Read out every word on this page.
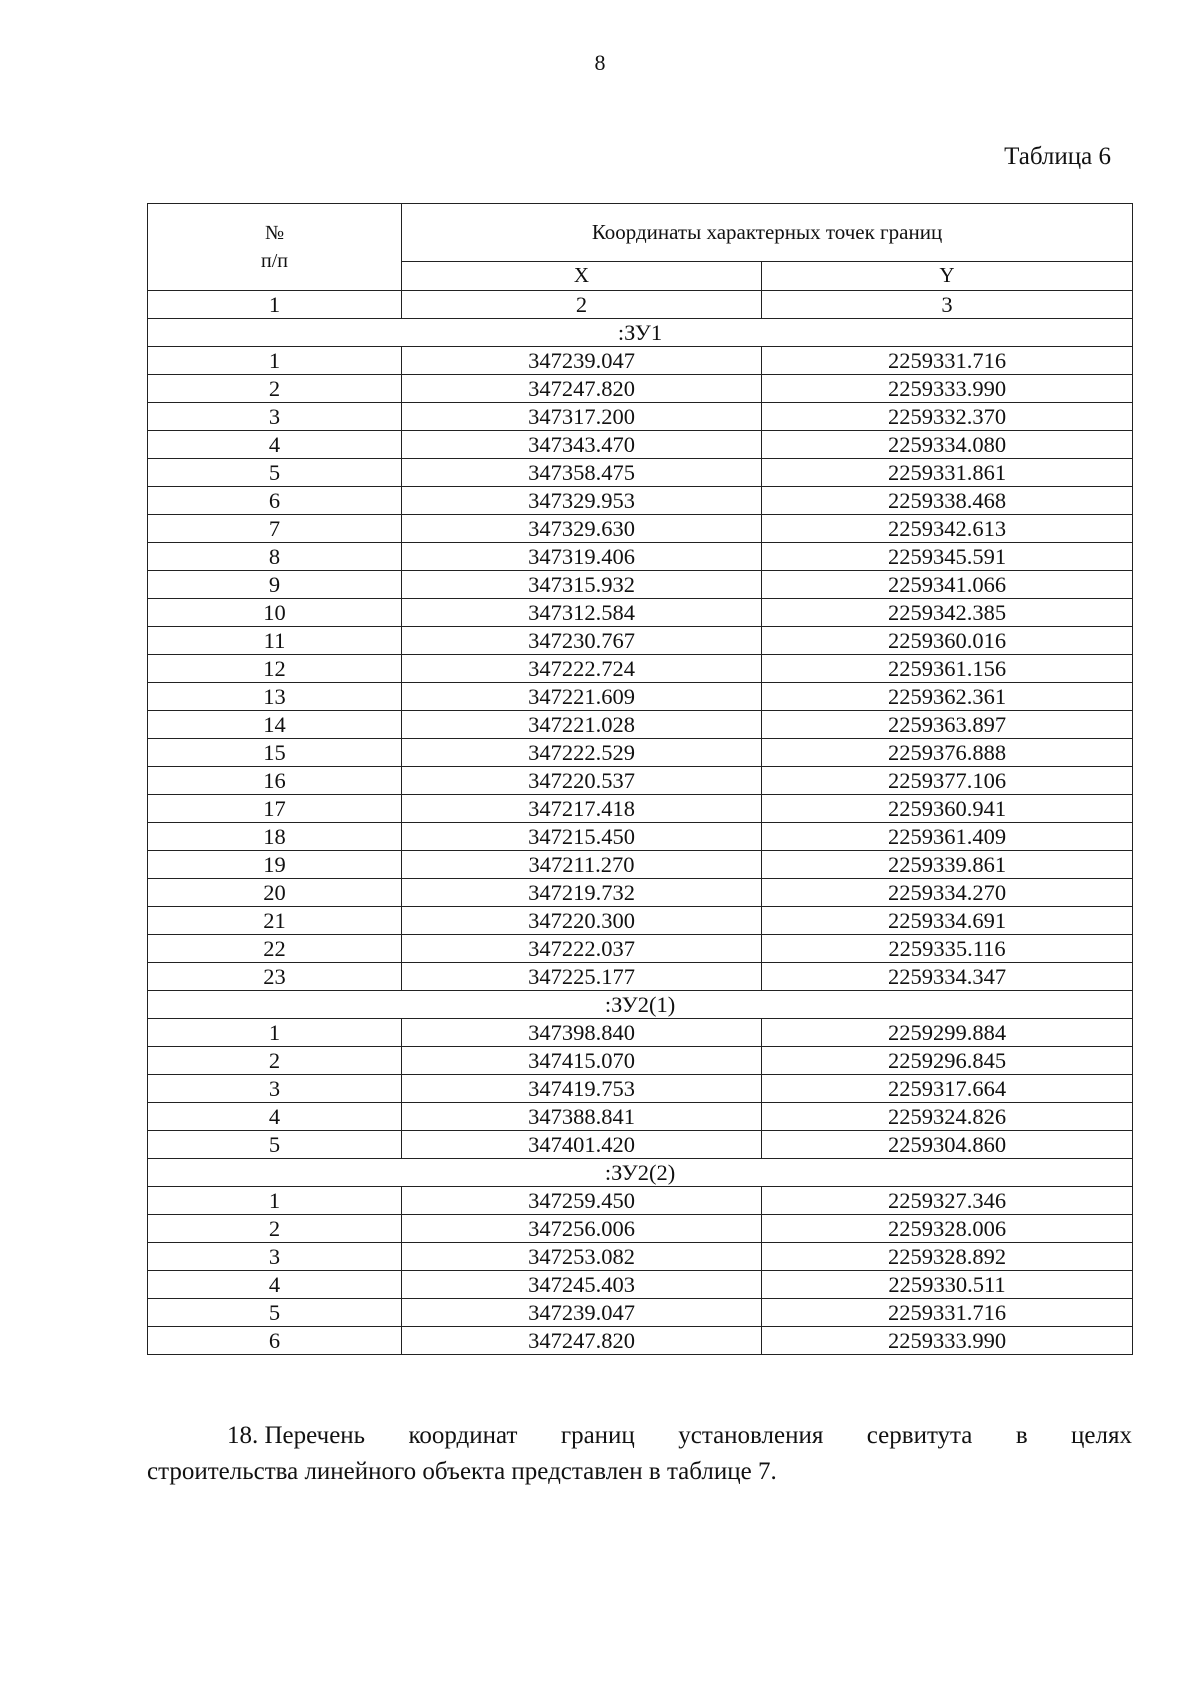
8
Таблица 6
№
п/п	Координаты характерных точек границ	
	X	Y
1	2	3
:ЗУ1		
1	347239.047	2259331.716
2	347247.820	2259333.990
3	347317.200	2259332.370
4	347343.470	2259334.080
5	347358.475	2259331.861
6	347329.953	2259338.468
7	347329.630	2259342.613
8	347319.406	2259345.591
9	347315.932	2259341.066
10	347312.584	2259342.385
11	347230.767	2259360.016
12	347222.724	2259361.156
13	347221.609	2259362.361
14	347221.028	2259363.897
15	347222.529	2259376.888
16	347220.537	2259377.106
17	347217.418	2259360.941
18	347215.450	2259361.409
19	347211.270	2259339.861
20	347219.732	2259334.270
21	347220.300	2259334.691
22	347222.037	2259335.116
23	347225.177	2259334.347
:ЗУ2(1)		
1	347398.840	2259299.884
2	347415.070	2259296.845
3	347419.753	2259317.664
4	347388.841	2259324.826
5	347401.420	2259304.860
:ЗУ2(2)		
1	347259.450	2259327.346
2	347256.006	2259328.006
3	347253.082	2259328.892
4	347245.403	2259330.511
5	347239.047	2259331.716
6	347247.820	2259333.990
18. Перечень координат границ установления сервитута в целях
строительства линейного объекта представлен в таблице 7.
